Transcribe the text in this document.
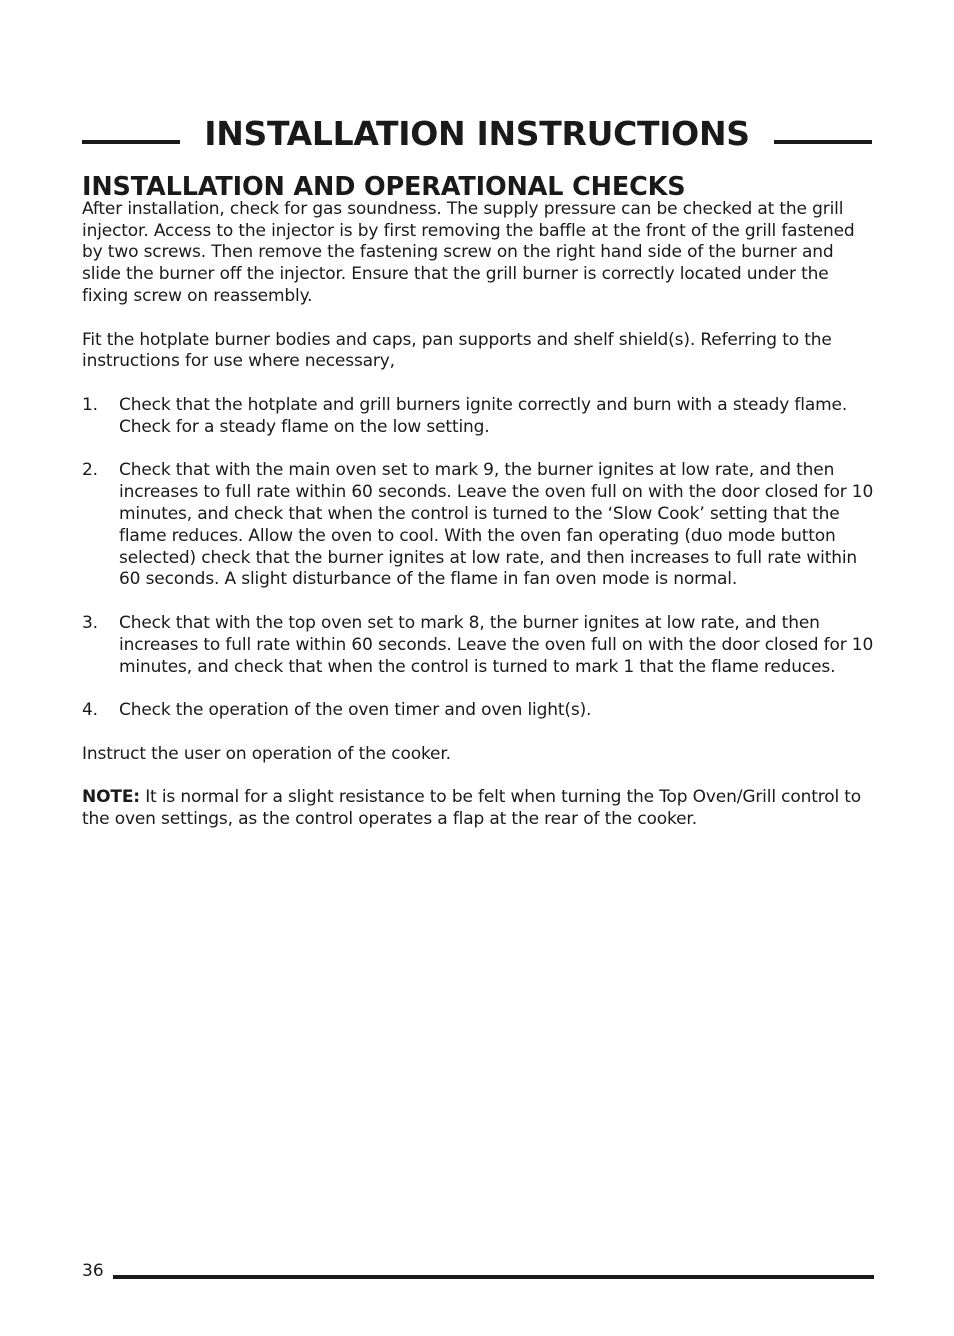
INSTALLATION INSTRUCTIONS
INSTALLATION AND OPERATIONAL CHECKS

After installation, check for gas soundness. The supply pressure can be checked at the grill injector. Access to the injector is by first removing the baffle at the front of the grill fastened by two screws. Then remove the fastening screw on the right hand side of the burner and slide the burner off the injector. Ensure that the grill burner is correctly located under the fixing screw on reassembly.

Fit the hotplate burner bodies and caps, pan supports and shelf shield(s). Referring to the instructions for use where necessary,

1.	Check that the hotplate and grill burners ignite correctly and burn with a steady flame. Check for a steady flame on the low setting.
2.	Check that with the main oven set to mark 9, the burner ignites at low rate, and then increases to full rate within 60 seconds. Leave the oven full on with the door closed for 10 minutes, and check that when the control is turned to the ‘Slow Cook’ setting that the flame reduces. Allow the oven to cool. With the oven fan operating (duo mode button selected) check that the burner ignites at low rate, and then increases to full rate within 60 seconds. A slight disturbance of the flame in fan oven mode is normal.
3.	Check that with the top oven set to mark 8, the burner ignites at low rate, and then increases to full rate within 60 seconds. Leave the oven full on with the door closed for 10 minutes, and check that when the control is turned to mark 1 that the flame reduces.
4.	Check the operation of the oven timer and oven light(s).

Instruct the user on operation of the cooker.

NOTE: It is normal for a slight resistance to be felt when turning the Top Oven/Grill control to the oven settings, as the control operates a flap at the rear of the cooker.

36
